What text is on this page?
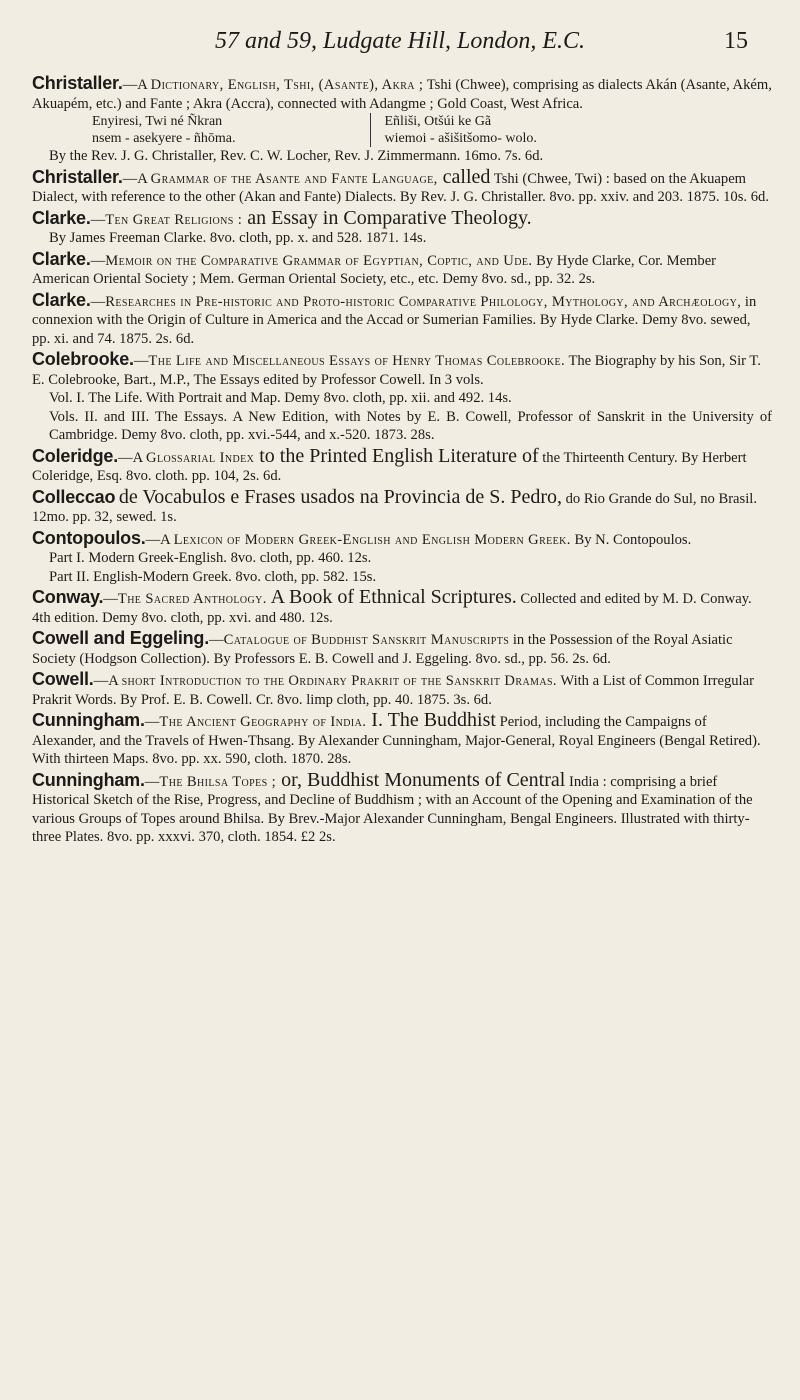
57 and 59, Ludgate Hill, London, E.C.	15

Christaller.—A Dictionary, English, Tshi, (Asante), Akra ; Tshi (Chwee), comprising as dialects Akán (Asante, Akém, Akuapém, etc.) and Fante ; Akra (Accra), connected with Adangme ; Gold Coast, West Africa.

Enyiresi, Twi né Ñkran
nsem - asekyere - ñhōma.
Eñliši, Otšúi ke Gã
wiemoi - ašišitšomo- wolo.

By the Rev. J. G. Christaller, Rev. C. W. Locher, Rev. J. Zimmermann. 16mo. 7s. 6d.

Christaller.—A Grammar of the Asante and Fante Language, called Tshi (Chwee, Twi) : based on the Akuapem Dialect, with reference to the other (Akan and Fante) Dialects. By Rev. J. G. Christaller. 8vo. pp. xxiv. and 203. 1875. 10s. 6d.

Clarke.—Ten Great Religions : an Essay in Comparative Theology.
By James Freeman Clarke. 8vo. cloth, pp. x. and 528. 1871. 14s.

Clarke.—Memoir on the Comparative Grammar of Egyptian, Coptic, and Ude. By Hyde Clarke, Cor. Member American Oriental Society ; Mem. German Oriental Society, etc., etc. Demy 8vo. sd., pp. 32. 2s.

Clarke.—Researches in Pre-historic and Proto-historic Comparative Philology, Mythology, and Archæology, in connexion with the Origin of Culture in America and the Accad or Sumerian Families. By Hyde Clarke. Demy 8vo. sewed, pp. xi. and 74. 1875. 2s. 6d.

Colebrooke.—The Life and Miscellaneous Essays of Henry Thomas Colebrooke. The Biography by his Son, Sir T. E. Colebrooke, Bart., M.P., The Essays edited by Professor Cowell. In 3 vols.
Vol. I. The Life. With Portrait and Map. Demy 8vo. cloth, pp. xii. and 492. 14s.
Vols. II. and III. The Essays. A New Edition, with Notes by E. B. Cowell, Professor of Sanskrit in the University of Cambridge. Demy 8vo. cloth, pp. xvi.-544, and x.-520. 1873. 28s.

Coleridge.—A Glossarial Index to the Printed English Literature of the Thirteenth Century. By Herbert Coleridge, Esq. 8vo. cloth. pp. 104, 2s. 6d.

Colleccao de Vocabulos e Frases usados na Provincia de S. Pedro, do Rio Grande do Sul, no Brasil. 12mo. pp. 32, sewed. 1s.

Contopoulos.—A Lexicon of Modern Greek-English and English Modern Greek. By N. Contopoulos.
Part I. Modern Greek-English. 8vo. cloth, pp. 460. 12s.
Part II. English-Modern Greek. 8vo. cloth, pp. 582. 15s.

Conway.—The Sacred Anthology. A Book of Ethnical Scriptures. Collected and edited by M. D. Conway. 4th edition. Demy 8vo. cloth, pp. xvi. and 480. 12s.

Cowell and Eggeling.—Catalogue of Buddhist Sanskrit Manuscripts in the Possession of the Royal Asiatic Society (Hodgson Collection). By Professors E. B. Cowell and J. Eggeling. 8vo. sd., pp. 56. 2s. 6d.

Cowell.—A short Introduction to the Ordinary Prakrit of the Sanskrit Dramas. With a List of Common Irregular Prakrit Words. By Prof. E. B. Cowell. Cr. 8vo. limp cloth, pp. 40. 1875. 3s. 6d.

Cunningham.—The Ancient Geography of India. I. The Buddhist Period, including the Campaigns of Alexander, and the Travels of Hwen-Thsang. By Alexander Cunningham, Major-General, Royal Engineers (Bengal Retired). With thirteen Maps. 8vo. pp. xx. 590, cloth. 1870. 28s.

Cunningham.—The Bhilsa Topes ; or, Buddhist Monuments of Central India : comprising a brief Historical Sketch of the Rise, Progress, and Decline of Buddhism ; with an Account of the Opening and Examination of the various Groups of Topes around Bhilsa. By Brev.-Major Alexander Cunningham, Bengal Engineers. Illustrated with thirty-three Plates. 8vo. pp. xxxvi. 370, cloth. 1854. £2 2s.
